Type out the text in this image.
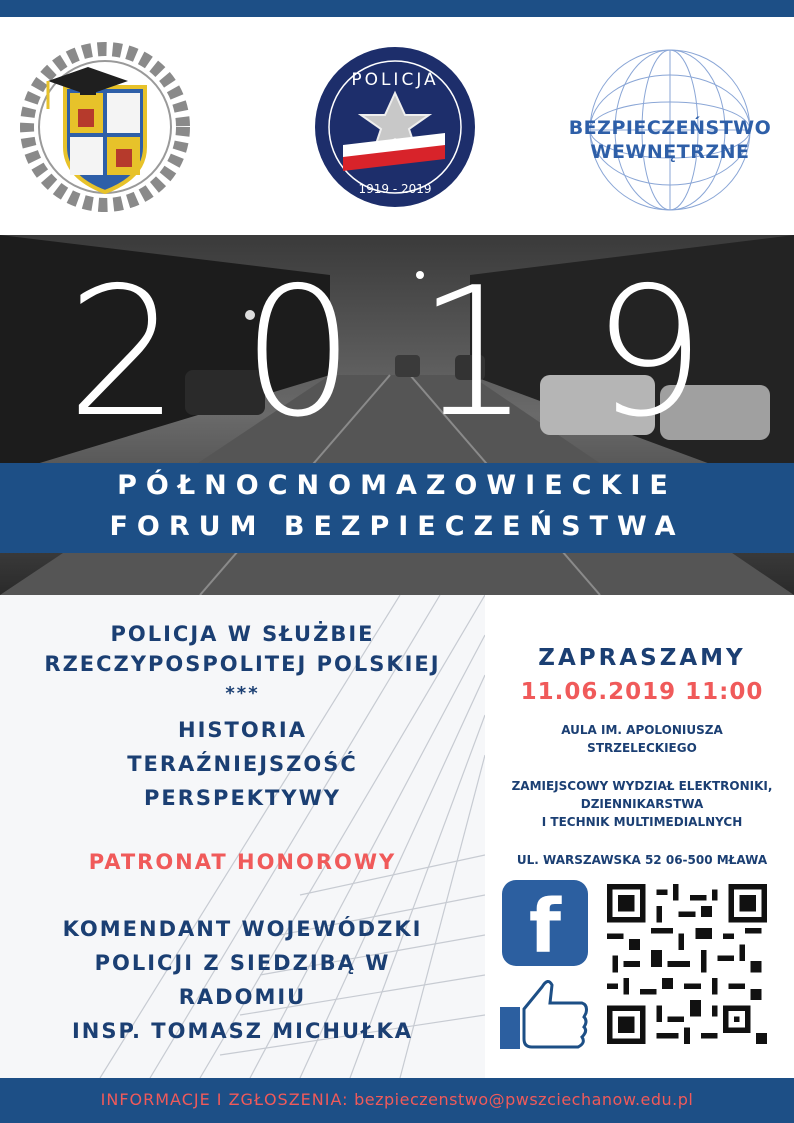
POLICJA
1919 - 2019
BEZPIECZEŃSTWO
WEWNĘTRZNE
2019
PÓŁNOCNOMAZOWIECKIE
FORUM BEZPIECZEŃSTWA
POLICJA W SŁUŻBIE
RZECZYPOSPOLITEJ POLSKIEJ
***
HISTORIA
TERAŹNIEJSZOŚĆ
PERSPEKTYWY
PATRONAT HONOROWY
KOMENDANT WOJEWÓDZKI
POLICJI Z SIEDZIBĄ W
RADOMIU
INSP. TOMASZ MICHUŁKA
ZAPRASZAMY
11.06.2019 11:00
AULA IM. APOLONIUSZA
STRZELECKIEGO
ZAMIEJSCOWY WYDZIAŁ ELEKTRONIKI,
DZIENNIKARSTWA
I TECHNIK MULTIMEDIALNYCH
UL. WARSZAWSKA 52 06-500 MŁAWA
f
INFORMACJE I ZGŁOSZENIA: bezpieczenstwo@pwszciechanow.edu.pl
